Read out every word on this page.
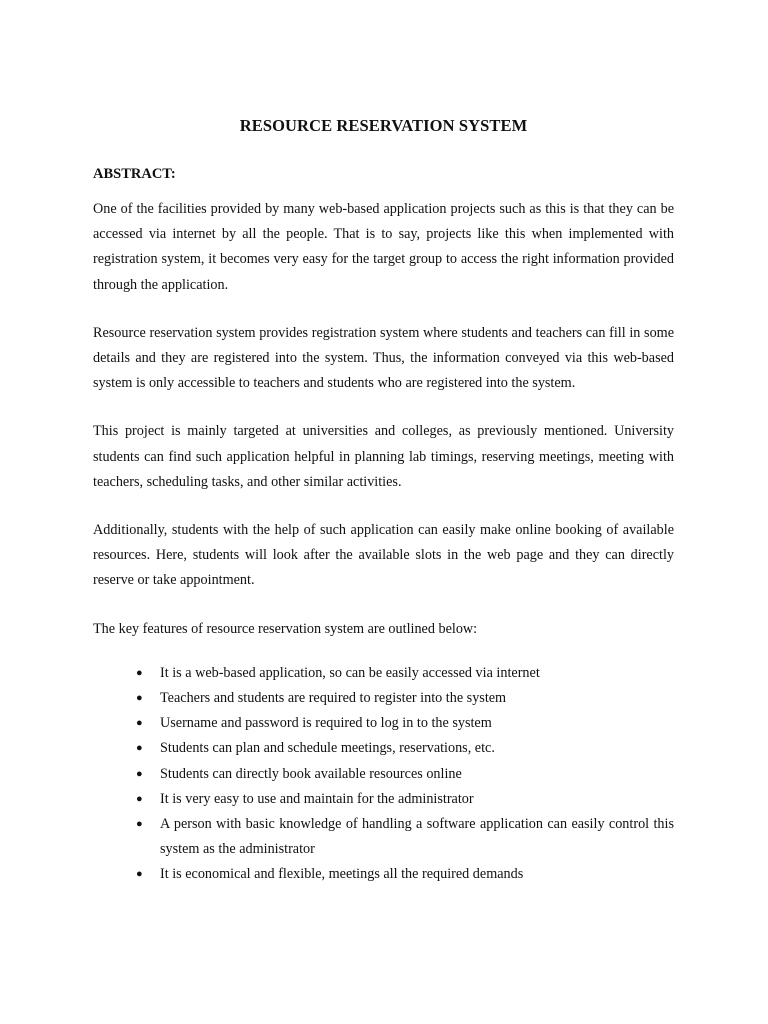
RESOURCE RESERVATION SYSTEM
ABSTRACT:

One of the facilities provided by many web-based application projects such as this is that they can be accessed via internet by all the people. That is to say, projects like this when implemented with registration system, it becomes very easy for the target group to access the right information provided through the application.

Resource reservation system provides registration system where students and teachers can fill in some details and they are registered into the system. Thus, the information conveyed via this web-based system is only accessible to teachers and students who are registered into the system.

This project is mainly targeted at universities and colleges, as previously mentioned. University students can find such application helpful in planning lab timings, reserving meetings, meeting with teachers, scheduling tasks, and other similar activities.

Additionally, students with the help of such application can easily make online booking of available resources. Here, students will look after the available slots in the web page and they can directly reserve or take appointment.

The key features of resource reservation system are outlined below:

● It is a web-based application, so can be easily accessed via internet
● Teachers and students are required to register into the system
● Username and password is required to log in to the system
● Students can plan and schedule meetings, reservations, etc.
● Students can directly book available resources online
● It is very easy to use and maintain for the administrator
● A person with basic knowledge of handling a software application can easily control this system as the administrator
● It is economical and flexible, meetings all the required demands
